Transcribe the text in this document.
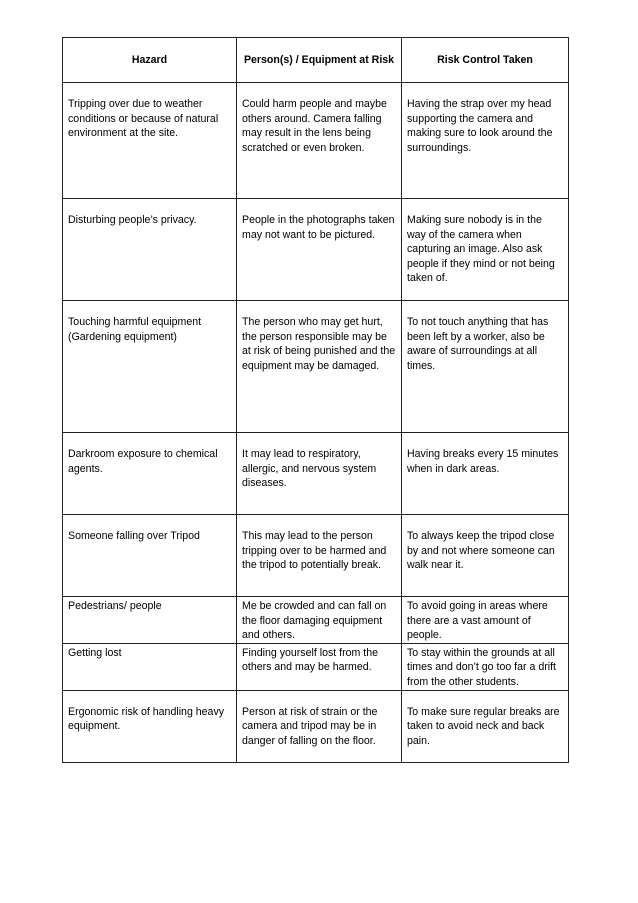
Hazard	Person(s) / Equipment at Risk	Risk Control Taken
Tripping over due to weather conditions or because of natural environment at the site.	Could harm people and maybe others around. Camera falling may result in the lens being scratched or even broken.	Having the strap over my head supporting the camera and making sure to look around the surroundings.
Disturbing people’s privacy.	People in the photographs taken may not want to be pictured.	Making sure nobody is in the way of the camera when capturing an image. Also ask people if they mind or not being taken of.
Touching harmful equipment (Gardening equipment)	The person who may get hurt, the person responsible may be at risk of being punished and the equipment may be damaged.	To not touch anything that has been left by a worker, also be aware of surroundings at all times.
Darkroom exposure to chemical agents.	It may lead to respiratory, allergic, and nervous system diseases.	Having breaks every 15 minutes when in dark areas.
Someone falling over Tripod	This may lead to the person tripping over to be harmed and the tripod to potentially break.	To always keep the tripod close by and not where someone can walk near it.
Pedestrians/ people	Me be crowded and can fall on the floor damaging equipment and others.	To avoid going in areas where there are a vast amount of people.
Getting lost	Finding yourself lost from the others and may be harmed.	To stay within the grounds at all times and don’t go too far a drift from the other students.
Ergonomic risk of handling heavy equipment.	Person at risk of strain or the camera and tripod may be in danger of falling on the floor.	To make sure regular breaks are taken to avoid neck and back pain.
